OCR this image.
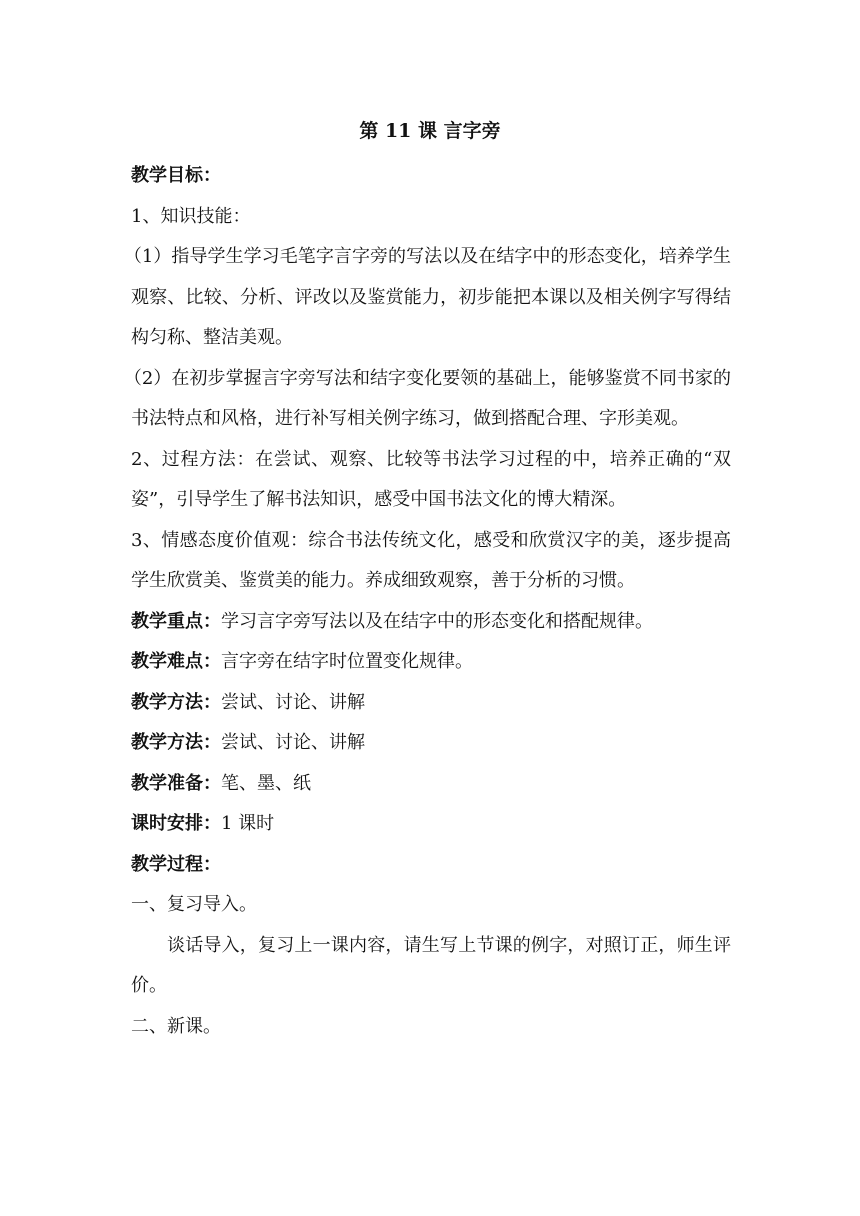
第 11 课 言字旁

教学目标：

1、知识技能：

（1）指导学生学习毛笔字言字旁的写法以及在结字中的形态变化，培养学生观察、比较、分析、评改以及鉴赏能力，初步能把本课以及相关例字写得结构匀称、整洁美观。

（2）在初步掌握言字旁写法和结字变化要领的基础上，能够鉴赏不同书家的书法特点和风格，进行补写相关例字练习，做到搭配合理、字形美观。

2、过程方法：在尝试、观察、比较等书法学习过程的中，培养正确的“双姿”，引导学生了解书法知识，感受中国书法文化的博大精深。

3、情感态度价值观：综合书法传统文化，感受和欣赏汉字的美，逐步提高学生欣赏美、鉴赏美的能力。养成细致观察，善于分析的习惯。

教学重点：学习言字旁写法以及在结字中的形态变化和搭配规律。

教学难点：言字旁在结字时位置变化规律。

教学方法：尝试、讨论、讲解

教学方法：尝试、讨论、讲解

教学准备：笔、墨、纸

课时安排：1 课时

教学过程：

一、复习导入。

谈话导入，复习上一课内容，请生写上节课的例字，对照订正，师生评价。

二、新课。
